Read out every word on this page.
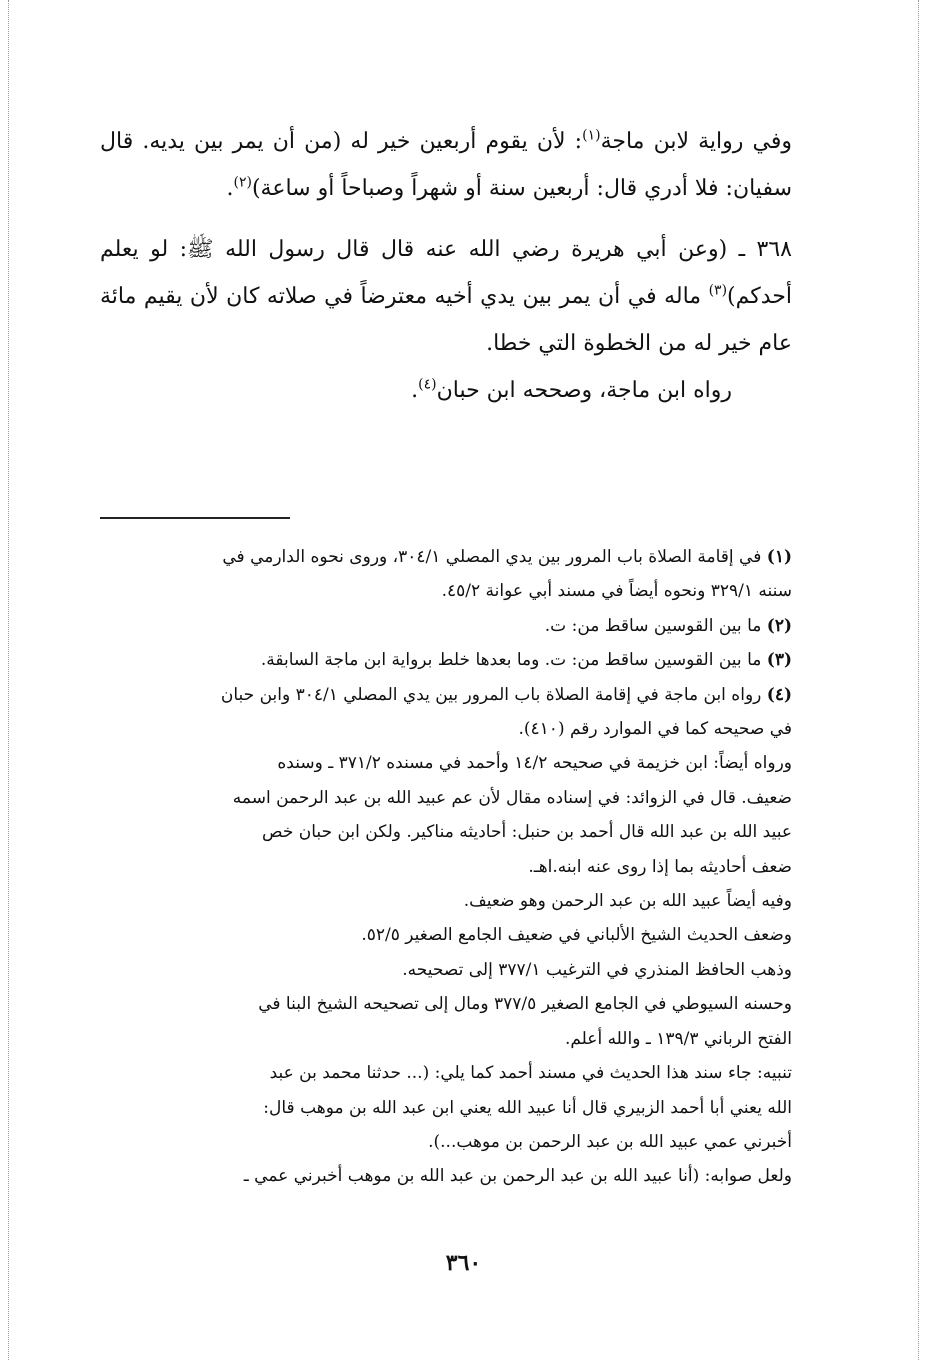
وفي رواية لابن ماجة$^{(١)}$: لأن يقوم أربعين خير له (من أن يمر بين يديه. قال سفيان: فلا أدري قال: أربعين سنة أو شهراً وصباحاً أو ساعة)$^{(٢)}$.

٣٦٨ ـ (وعن أبي هريرة رضي الله عنه قال قال رسول الله ﷺ: لو يعلم أحدكم)$^{(٣)}$ ماله في أن يمر بين يدي أخيه معترضاً في صلاته كان لأن يقيم مائة عام خير له من الخطوة التي خطا.

رواه ابن ماجة، وصححه ابن حبان$^{(٤)}$.

(١) في إقامة الصلاة باب المرور بين يدي المصلي ٣٠٤/١، وروى نحوه الدارمي في

سننه ٣٢٩/١ ونحوه أيضاً في مسند أبي عوانة ٤٥/٢.

(٢) ما بين القوسين ساقط من: ت.

(٣) ما بين القوسين ساقط من: ت. وما بعدها خلط برواية ابن ماجة السابقة.

(٤) رواه ابن ماجة في إقامة الصلاة باب المرور بين يدي المصلي ٣٠٤/١ وابن حبان

في صحيحه كما في الموارد رقم (٤١٠).

ورواه أيضاً: ابن خزيمة في صحيحه ١٤/٢ وأحمد في مسنده ٣٧١/٢ ـ وسنده

ضعيف. قال في الزوائد: في إسناده مقال لأن عم عبيد الله بن عبد الرحمن اسمه

عبيد الله بن عبد الله قال أحمد بن حنبل: أحاديثه مناكير. ولكن ابن حبان خص

ضعف أحاديثه بما إذا روى عنه ابنه.اهـ.

وفيه أيضاً عبيد الله بن عبد الرحمن وهو ضعيف.

وضعف الحديث الشيخ الألباني في ضعيف الجامع الصغير ٥٢/٥.

وذهب الحافظ المنذري في الترغيب ٣٧٧/١ إلى تصحيحه.

وحسنه السيوطي في الجامع الصغير ٣٧٧/٥ ومال إلى تصحيحه الشيخ البنا في

الفتح الرباني ١٣٩/٣ ـ والله أعلم.

تنبيه: جاء سند هذا الحديث في مسند أحمد كما يلي: (... حدثنا محمد بن عبد

الله يعني أبا أحمد الزبيري قال أنا عبيد الله يعني ابن عبد الله بن موهب قال:

أخبرني عمي عبيد الله بن عبد الرحمن بن موهب...).

ولعل صوابه: (أنا عبيد الله بن عبد الرحمن بن عبد الله بن موهب أخبرني عمي ـ

٣٦٠
